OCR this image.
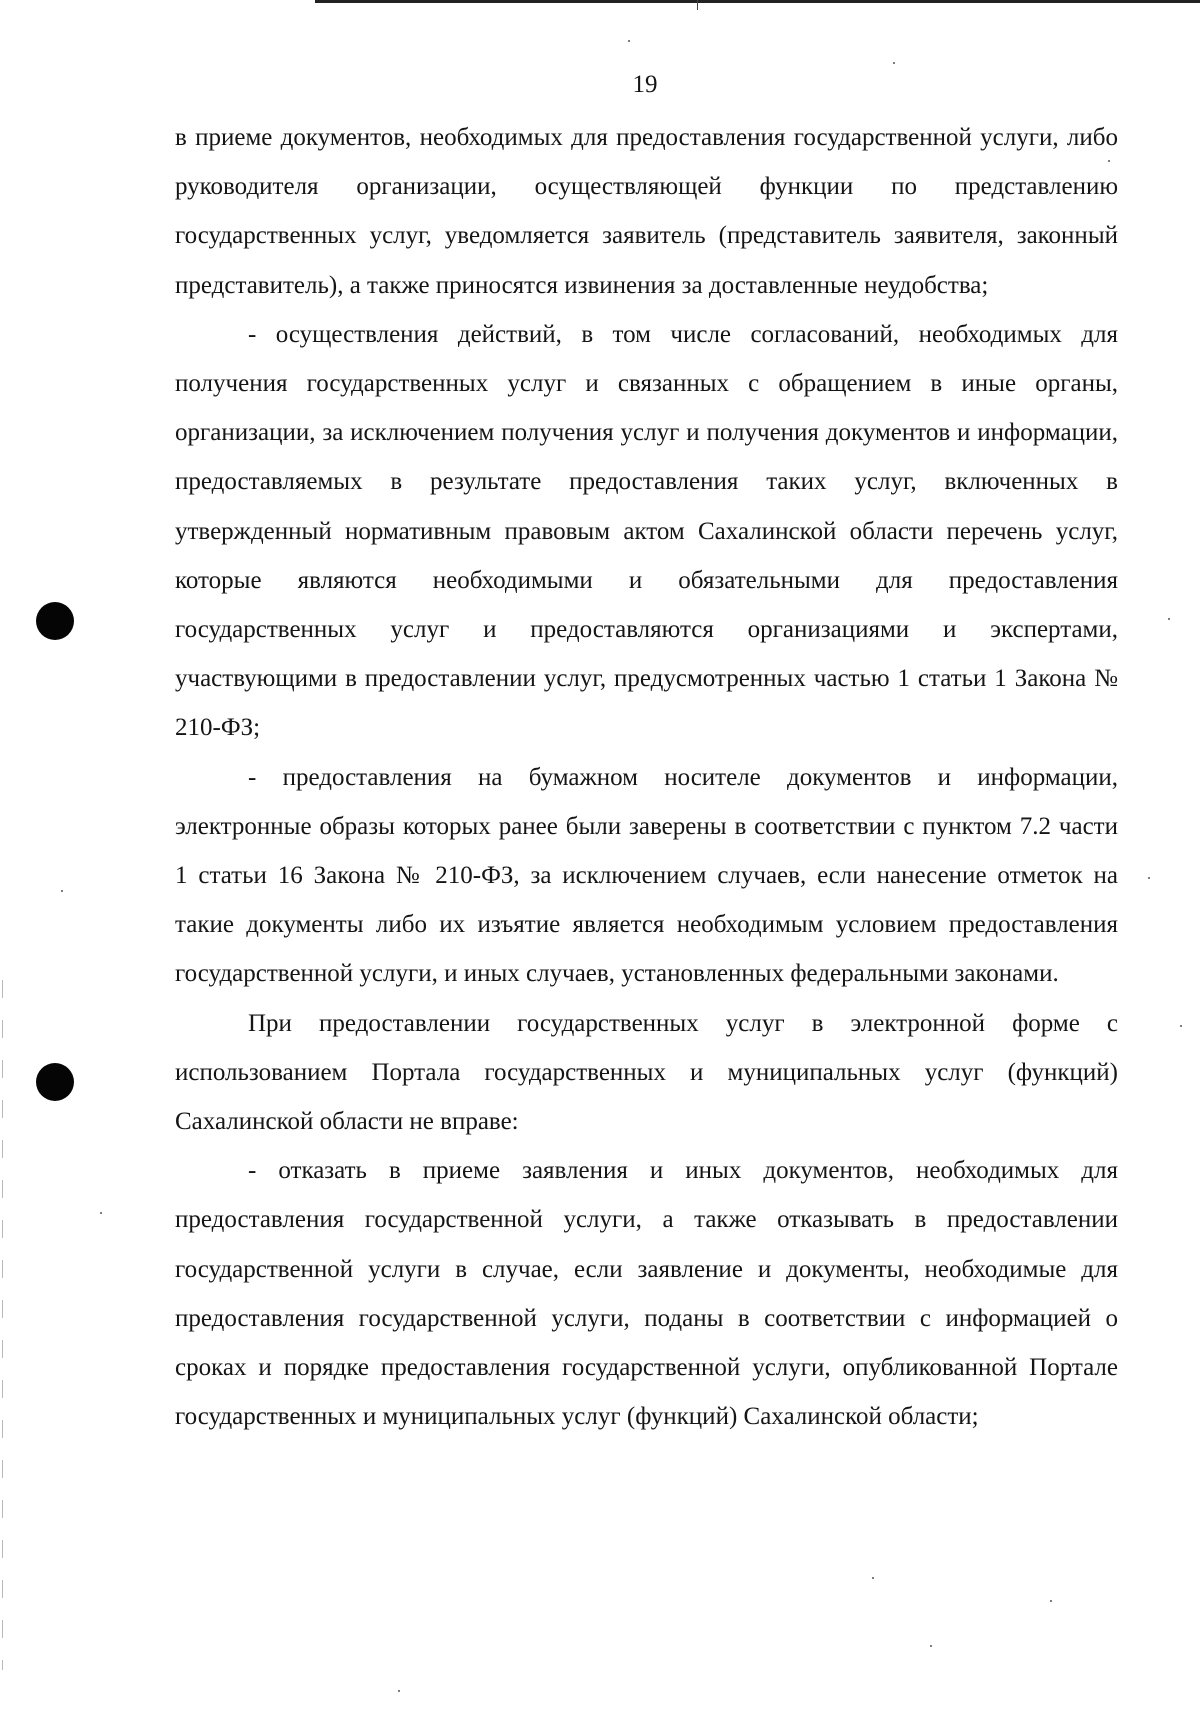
19

в приеме документов, необходимых для предоставления государственной услуги, либо руководителя организации, осуществляющей функции по представлению государственных услуг, уведомляется заявитель (представитель заявителя, законный представитель), а также приносятся извинения за доставленные неудобства;

- осуществления действий, в том числе согласований, необходимых для получения государственных услуг и связанных с обращением в иные органы, организации, за исключением получения услуг и получения документов и информации, предоставляемых в результате предоставления таких услуг, включенных в утвержденный нормативным правовым актом Сахалинской области перечень услуг, которые являются необходимыми и обязательными для предоставления государственных услуг и предоставляются организациями и экспертами, участвующими в предоставлении услуг, предусмотренных частью 1 статьи 1 Закона № 210-ФЗ;

- предоставления на бумажном носителе документов и информации, электронные образы которых ранее были заверены в соответствии с пунктом 7.2 части 1 статьи 16 Закона № 210-ФЗ, за исключением случаев, если нанесение отметок на такие документы либо их изъятие является необходимым условием предоставления государственной услуги, и иных случаев, установленных федеральными законами.

При предоставлении государственных услуг в электронной форме с использованием Портала государственных и муниципальных услуг (функций) Сахалинской области не вправе:

- отказать в приеме заявления и иных документов, необходимых для предоставления государственной услуги, а также отказывать в предоставлении государственной услуги в случае, если заявление и документы, необходимые для предоставления государственной услуги, поданы в соответствии с информацией о сроках и порядке предоставления государственной услуги, опубликованной Портале государственных и муниципальных услуг (функций) Сахалинской области;
